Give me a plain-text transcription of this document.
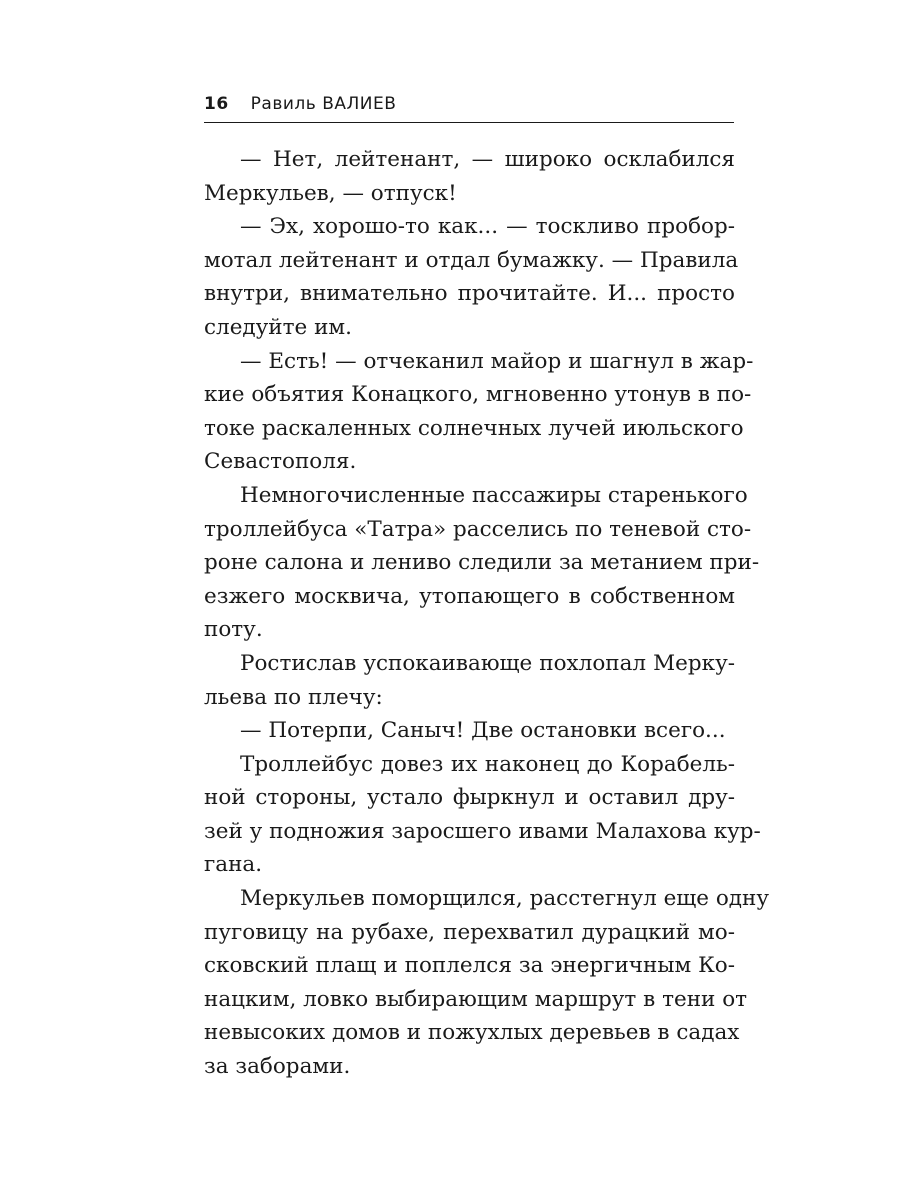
16 Равиль ВАЛИЕВ

— Нет, лейтенант, — широко осклабился
Меркульев, — отпуск!

— Эх, хорошо-то как... — тоскливо пробор-
мотал лейтенант и отдал бумажку. — Правила
внутри, внимательно прочитайте. И... просто
следуйте им.

— Есть! — отчеканил майор и шагнул в жар-
кие объятия Конацкого, мгновенно утонув в по-
токе раскаленных солнечных лучей июльского
Севастополя.

Немногочисленные пассажиры старенького
троллейбуса «Татра» расселись по теневой сто-
роне салона и лениво следили за метанием при-
езжего москвича, утопающего в собственном
поту.

Ростислав успокаивающе похлопал Мерку-
льева по плечу:

— Потерпи, Саныч! Две остановки всего...

Троллейбус довез их наконец до Корабель-
ной стороны, устало фыркнул и оставил дру-
зей у подножия заросшего ивами Малахова кур-
гана.

Меркульев поморщился, расстегнул еще одну
пуговицу на рубахе, перехватил дурацкий мо-
сковский плащ и поплелся за энергичным Ко-
нацким, ловко выбирающим маршрут в тени от
невысоких домов и пожухлых деревьев в садах
за заборами.
